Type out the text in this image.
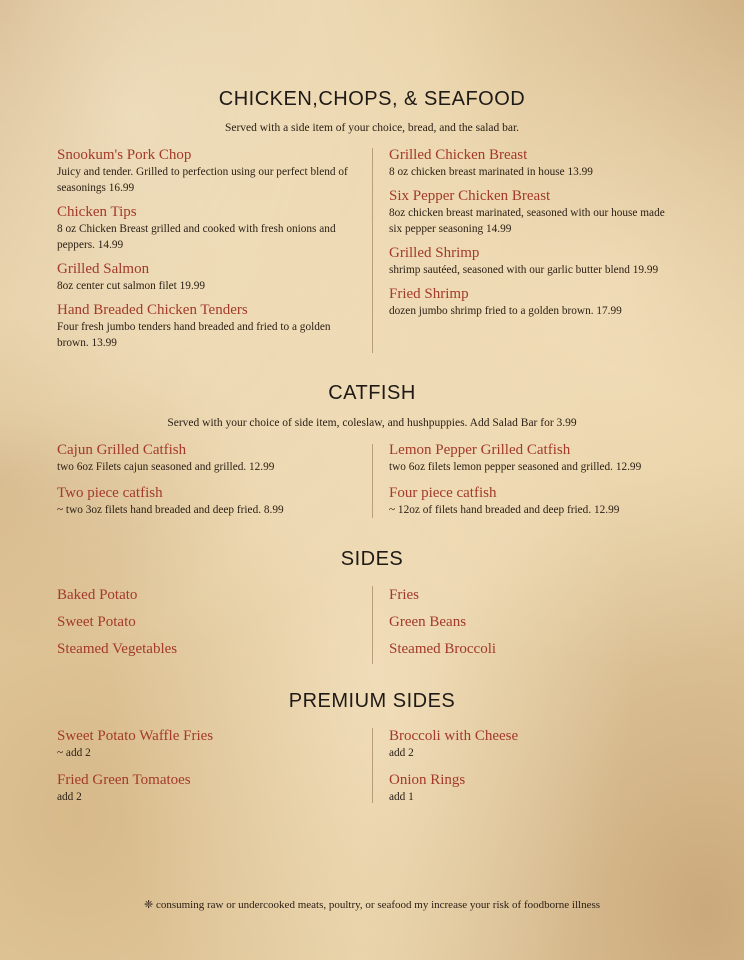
CHICKEN,CHOPS, & SEAFOOD
Served with a side item of your choice, bread, and the salad bar.
Snookum's Pork Chop
Juicy and tender. Grilled to perfection using our perfect blend of seasonings 16.99
Chicken Tips
8 oz Chicken Breast grilled and cooked with fresh onions and peppers. 14.99
Grilled Salmon
8oz center cut salmon filet 19.99
Hand Breaded Chicken Tenders
Four fresh jumbo tenders hand breaded and fried to a golden brown. 13.99
Grilled Chicken Breast
8 oz chicken breast marinated in house 13.99
Six Pepper Chicken Breast
8oz chicken breast marinated, seasoned with our house made six pepper seasoning 14.99
Grilled Shrimp
shrimp sautéed, seasoned with our garlic butter blend 19.99
Fried Shrimp
dozen jumbo shrimp fried to a golden brown. 17.99
CATFISH
Served with your choice of side item, coleslaw, and hushpuppies. Add Salad Bar for 3.99
Cajun Grilled Catfish
two 6oz Filets cajun seasoned and grilled. 12.99
Two piece catfish
~ two 3oz filets hand breaded and deep fried. 8.99
Lemon Pepper Grilled Catfish
two 6oz filets lemon pepper seasoned and grilled. 12.99
Four piece catfish
~ 12oz of filets hand breaded and deep fried. 12.99
SIDES
Baked Potato
Sweet Potato
Steamed Vegetables
Fries
Green Beans
Steamed Broccoli
PREMIUM SIDES
Sweet Potato Waffle Fries
~ add 2
Fried Green Tomatoes
add 2
Broccoli with Cheese
add 2
Onion Rings
add 1
❈ consuming raw or undercooked meats, poultry, or seafood my increase your risk of foodborne illness
